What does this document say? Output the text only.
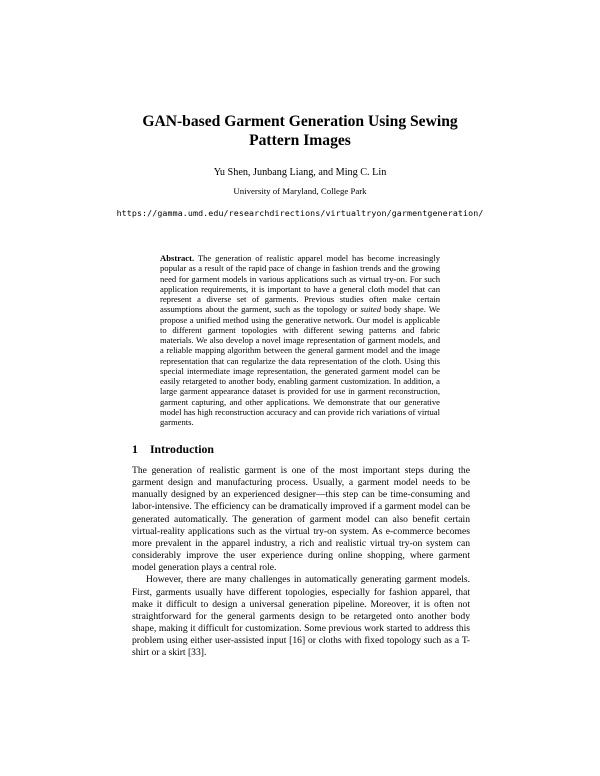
GAN-based Garment Generation Using Sewing Pattern Images
Yu Shen, Junbang Liang, and Ming C. Lin
University of Maryland, College Park
https://gamma.umd.edu/researchdirections/virtualtryon/garmentgeneration/
Abstract. The generation of realistic apparel model has become increasingly popular as a result of the rapid pace of change in fashion trends and the growing need for garment models in various applications such as virtual try-on. For such application requirements, it is important to have a general cloth model that can represent a diverse set of garments. Previous studies often make certain assumptions about the garment, such as the topology or suited body shape. We propose a unified method using the generative network. Our model is applicable to different garment topologies with different sewing patterns and fabric materials. We also develop a novel image representation of garment models, and a reliable mapping algorithm between the general garment model and the image representation that can regularize the data representation of the cloth. Using this special intermediate image representation, the generated garment model can be easily retargeted to another body, enabling garment customization. In addition, a large garment appearance dataset is provided for use in garment reconstruction, garment capturing, and other applications. We demonstrate that our generative model has high reconstruction accuracy and can provide rich variations of virtual garments.
1 Introduction

The generation of realistic garment is one of the most important steps during the garment design and manufacturing process. Usually, a garment model needs to be manually designed by an experienced designer—this step can be time-consuming and labor-intensive. The efficiency can be dramatically improved if a garment model can be generated automatically. The generation of garment model can also benefit certain virtual-reality applications such as the virtual try-on system. As e-commerce becomes more prevalent in the apparel industry, a rich and realistic virtual try-on system can considerably improve the user experience during online shopping, where garment model generation plays a central role.

However, there are many challenges in automatically generating garment models. First, garments usually have different topologies, especially for fashion apparel, that make it difficult to design a universal generation pipeline. Moreover, it is often not straightforward for the general garments design to be retargeted onto another body shape, making it difficult for customization. Some previous work started to address this problem using either user-assisted input [16] or cloths with fixed topology such as a T-shirt or a skirt [33].
